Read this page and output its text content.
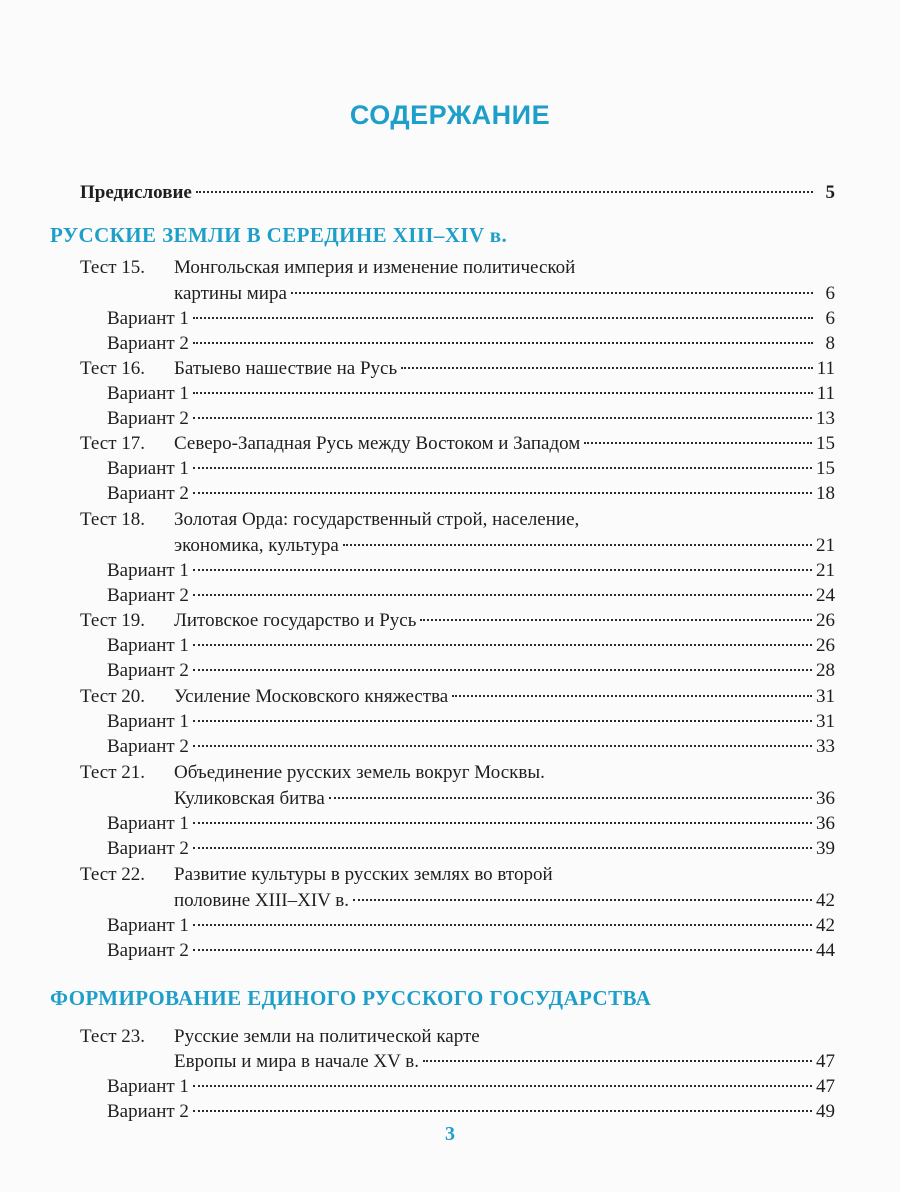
СОДЕРЖАНИЕ
Предисловие	5
РУССКИЕ ЗЕМЛИ В СЕРЕДИНЕ XIII–XIV в.
Тест 15. Монгольская империя и изменение политической
картины мира	6
Вариант 1	6
Вариант 2	8
Тест 16. Батыево нашествие на Русь	11
Вариант 1	11
Вариант 2	13
Тест 17. Северо-Западная Русь между Востоком и Западом	15
Вариант 1	15
Вариант 2	18
Тест 18. Золотая Орда: государственный строй, население,
экономика, культура	21
Вариант 1	21
Вариант 2	24
Тест 19. Литовское государство и Русь	26
Вариант 1	26
Вариант 2	28
Тест 20. Усиление Московского княжества	31
Вариант 1	31
Вариант 2	33
Тест 21. Объединение русских земель вокруг Москвы.
Куликовская битва	36
Вариант 1	36
Вариант 2	39
Тест 22. Развитие культуры в русских землях во второй
половине XIII–XIV в.	42
Вариант 1	42
Вариант 2	44
ФОРМИРОВАНИЕ ЕДИНОГО РУССКОГО ГОСУДАРСТВА
Тест 23. Русские земли на политической карте
Европы и мира в начале XV в.	47
Вариант 1	47
Вариант 2	49
3
